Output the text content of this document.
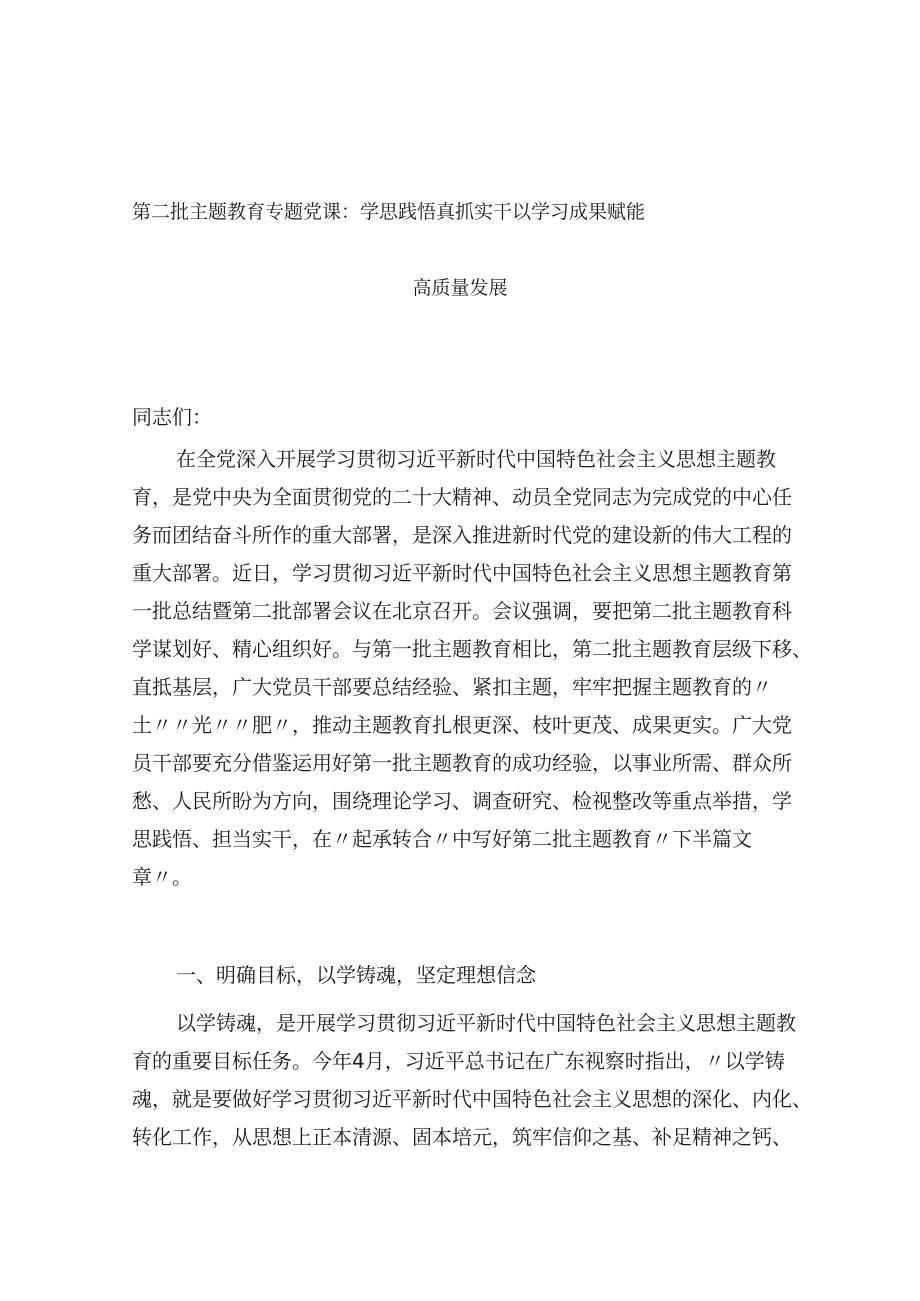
第二批主题教育专题党课：学思践悟真抓实干以学习成果赋能
高质量发展
同志们：
在全党深入开展学习贯彻习近平新时代中国特色社会主义思想主题教
育，是党中央为全面贯彻党的二十大精神、动员全党同志为完成党的中心任
务而团结奋斗所作的重大部署，是深入推进新时代党的建设新的伟大工程的
重大部署。近日，学习贯彻习近平新时代中国特色社会主义思想主题教育第
一批总结暨第二批部署会议在北京召开。会议强调，要把第二批主题教育科
学谋划好、精心组织好。与第一批主题教育相比，第二批主题教育层级下移、
直抵基层，广大党员干部要总结经验、紧扣主题，牢牢把握主题教育的〃
土〃〃光〃〃肥〃，推动主题教育扎根更深、枝叶更茂、成果更实。广大党
员干部要充分借鉴运用好第一批主题教育的成功经验，以事业所需、群众所
愁、人民所盼为方向，围绕理论学习、调查研究、检视整改等重点举措，学
思践悟、担当实干，在〃起承转合〃中写好第二批主题教育〃下半篇文
章〃。
一、明确目标，以学铸魂，坚定理想信念
以学铸魂，是开展学习贯彻习近平新时代中国特色社会主义思想主题教
育的重要目标任务。今年4月，习近平总书记在广东视察时指出，〃以学铸
魂，就是要做好学习贯彻习近平新时代中国特色社会主义思想的深化、内化、
转化工作，从思想上正本清源、固本培元，筑牢信仰之基、补足精神之钙、
